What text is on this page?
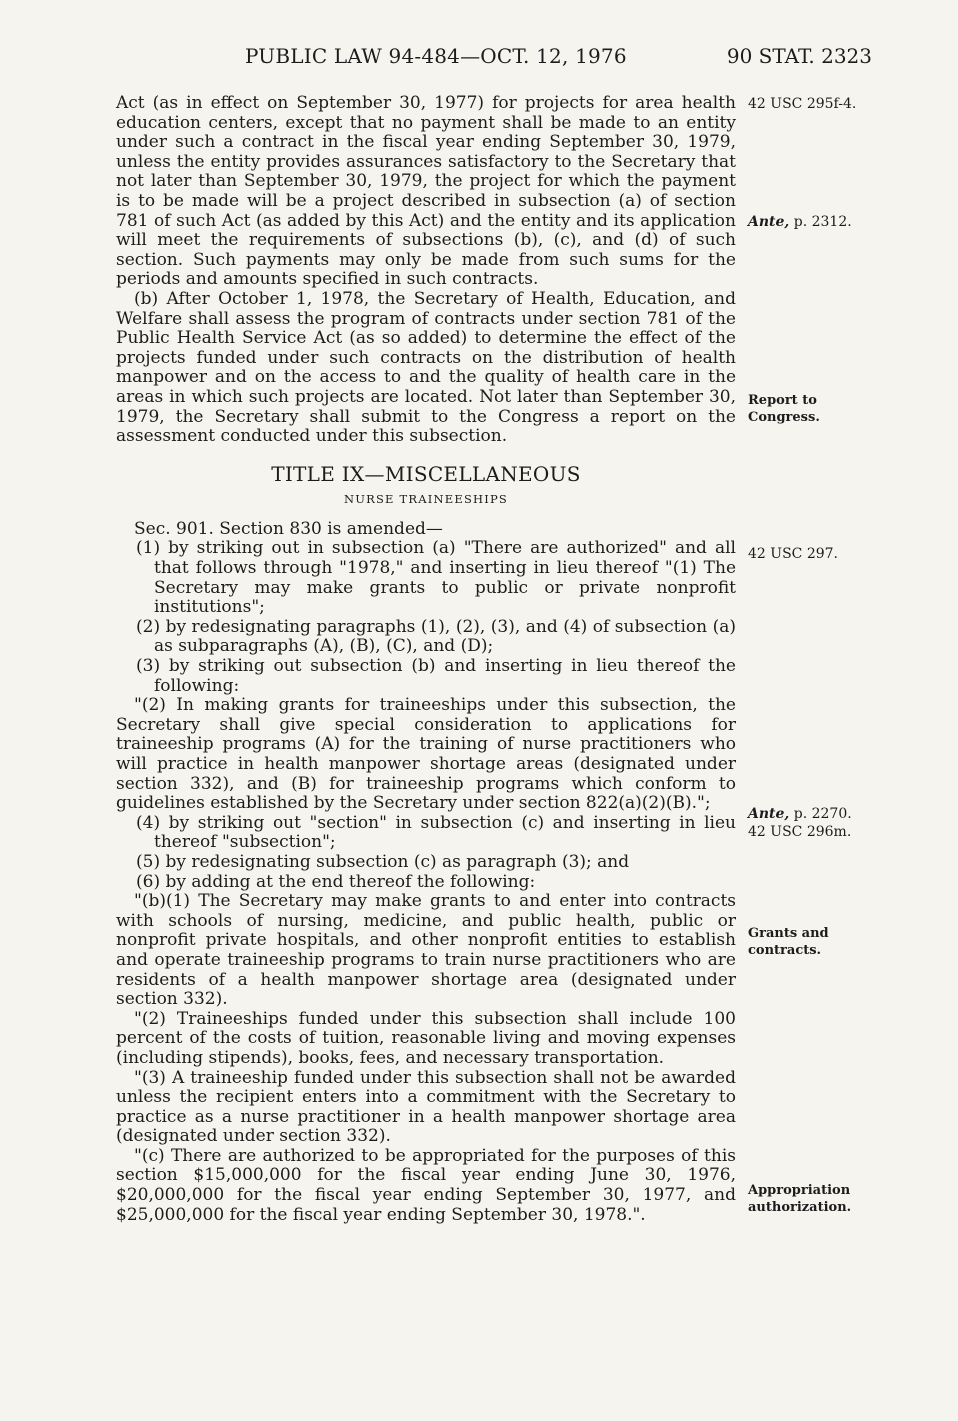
PUBLIC LAW 94-484—OCT. 12, 1976	90 STAT. 2323

Act (as in effect on September 30, 1977) for projects for area health education centers, except that no payment shall be made to an entity under such a contract in the fiscal year ending September 30, 1979, unless the entity provides assurances satisfactory to the Secretary that not later than September 30, 1979, the project for which the payment is to be made will be a project described in subsection (a) of section 781 of such Act (as added by this Act) and the entity and its application will meet the requirements of subsections (b), (c), and (d) of such section. Such payments may only be made from such sums for the periods and amounts specified in such contracts.

(b) After October 1, 1978, the Secretary of Health, Education, and Welfare shall assess the program of contracts under section 781 of the Public Health Service Act (as so added) to determine the effect of the projects funded under such contracts on the distribution of health manpower and on the access to and the quality of health care in the areas in which such projects are located. Not later than September 30, 1979, the Secretary shall submit to the Congress a report on the assessment conducted under this subsection.

TITLE IX—MISCELLANEOUS
NURSE TRAINEESHIPS

Sec. 901. Section 830 is amended—

(1) by striking out in subsection (a) "There are authorized" and all that follows through "1978," and inserting in lieu thereof "(1) The Secretary may make grants to public or private nonprofit institutions";

(2) by redesignating paragraphs (1), (2), (3), and (4) of subsection (a) as subparagraphs (A), (B), (C), and (D);

(3) by striking out subsection (b) and inserting in lieu thereof the following:

"(2) In making grants for traineeships under this subsection, the Secretary shall give special consideration to applications for traineeship programs (A) for the training of nurse practitioners who will practice in health manpower shortage areas (designated under section 332), and (B) for traineeship programs which conform to guidelines established by the Secretary under section 822(a)(2)(B).";

(4) by striking out "section" in subsection (c) and inserting in lieu thereof "subsection";

(5) by redesignating subsection (c) as paragraph (3); and

(6) by adding at the end thereof the following:

"(b)(1) The Secretary may make grants to and enter into contracts with schools of nursing, medicine, and public health, public or nonprofit private hospitals, and other nonprofit entities to establish and operate traineeship programs to train nurse practitioners who are residents of a health manpower shortage area (designated under section 332).

"(2) Traineeships funded under this subsection shall include 100 percent of the costs of tuition, reasonable living and moving expenses (including stipends), books, fees, and necessary transportation.

"(3) A traineeship funded under this subsection shall not be awarded unless the recipient enters into a commitment with the Secretary to practice as a nurse practitioner in a health manpower shortage area (designated under section 332).

"(c) There are authorized to be appropriated for the purposes of this section $15,000,000 for the fiscal year ending June 30, 1976, $20,000,000 for the fiscal year ending September 30, 1977, and $25,000,000 for the fiscal year ending September 30, 1978.".

42 USC 295f-4.
Ante, p. 2312.
Report to
Congress.
42 USC 297.
Ante, p. 2270.
42 USC 296m.
Grants and
contracts.
Appropriation
authorization.
